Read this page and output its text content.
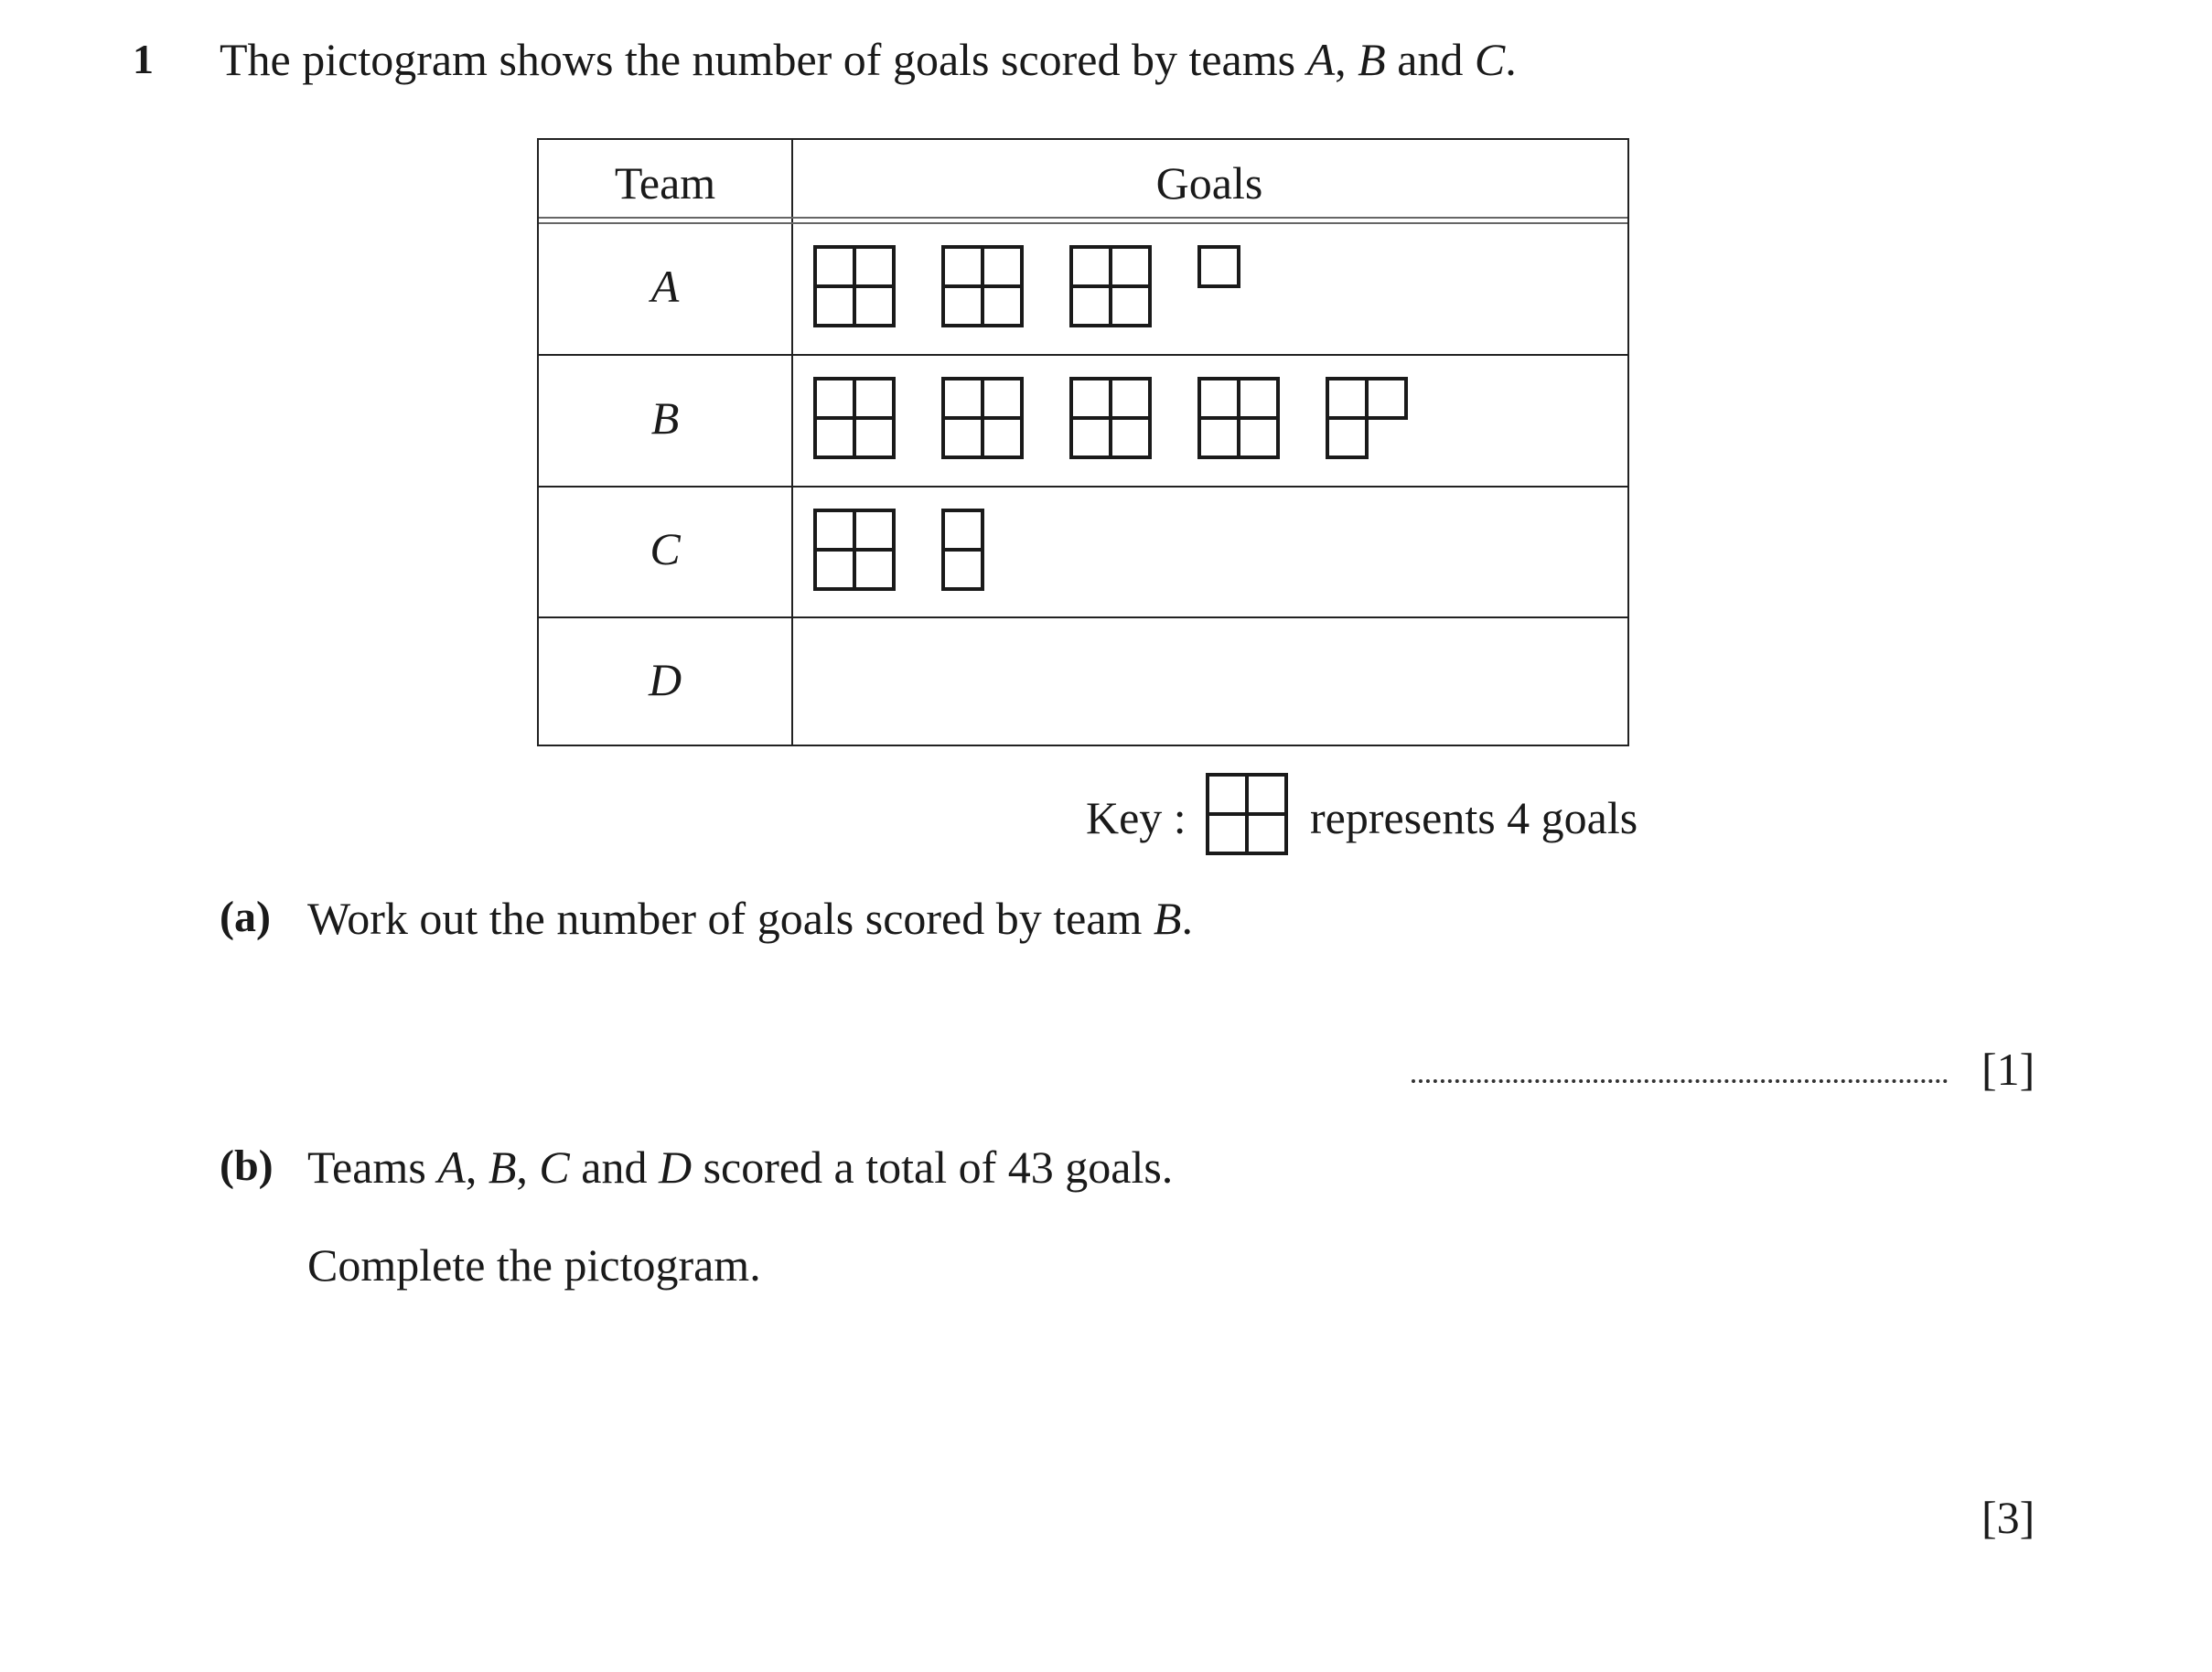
1 The pictogram shows the number of goals scored by teams A, B and C.
Team	Goals
A
B
C
D
Key :	represents 4 goals
(a) Work out the number of goals scored by team B.
[1]
(b) Teams A, B, C and D scored a total of 43 goals.
Complete the pictogram.
[3]
